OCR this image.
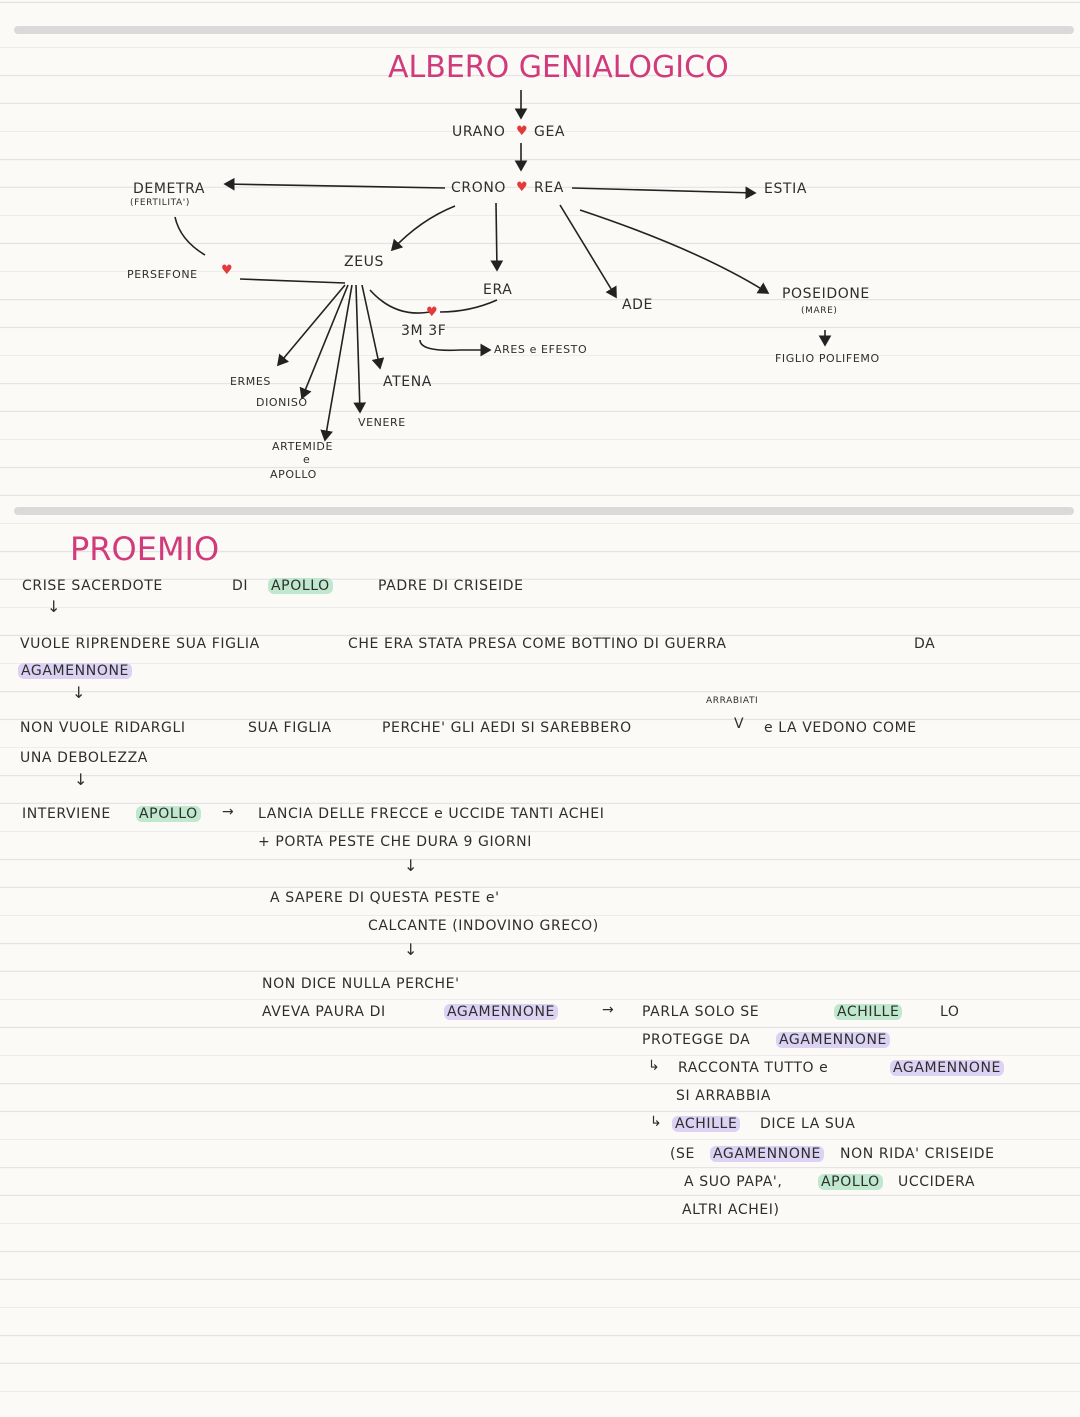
ALBERO GENIALOGICO
URANO ♥ GEA
CRONO ♥ REA
DEMETRA
(FERTILITA')
ESTIA
PERSEFONE ♥
ZEUS
ERA
♥
3M 3F
ARES e EFESTO
ADE
POSEIDONE
(MARE)
FIGLIO POLIFEMO
ERMES
DIONISO
ATENA
VENERE
ARTEMIDE
e
APOLLO
PROEMIO
CRISE SACERDOTE	DI APOLLO	PADRE DI CRISEIDE
↓
VUOLE RIPRENDERE SUA FIGLIA	CHE ERA STATA PRESA COME BOTTINO DI GUERRA	DA
AGAMENNONE
↓	ARRABIATI
NON VUOLE RIDARGLI	SUA FIGLIA	PERCHE' GLI AEDI SI SAREBBERO	V e LA VEDONO COME
UNA DEBOLEZZA
↓
INTERVIENE APOLLO → LANCIA DELLE FRECCE e UCCIDE TANTI ACHEI
+ PORTA PESTE CHE DURA 9 GIORNI
↓
A SAPERE DI QUESTA PESTE e'
CALCANTE (INDOVINO GRECO)
↓
NON DICE NULLA PERCHE'
AVEVA PAURA DI	AGAMENNONE	→ PARLA SOLO SE	ACHILLE	LO
PROTEGGE DA AGAMENNONE
↳ RACCONTA TUTTO e	AGAMENNONE
SI ARRABBIA
↳ ACHILLE DICE LA SUA
(SE AGAMENNONE NON RIDA' CRISEIDE
A SUO PAPA',	APOLLO UCCIDERA
ALTRI ACHEI)
